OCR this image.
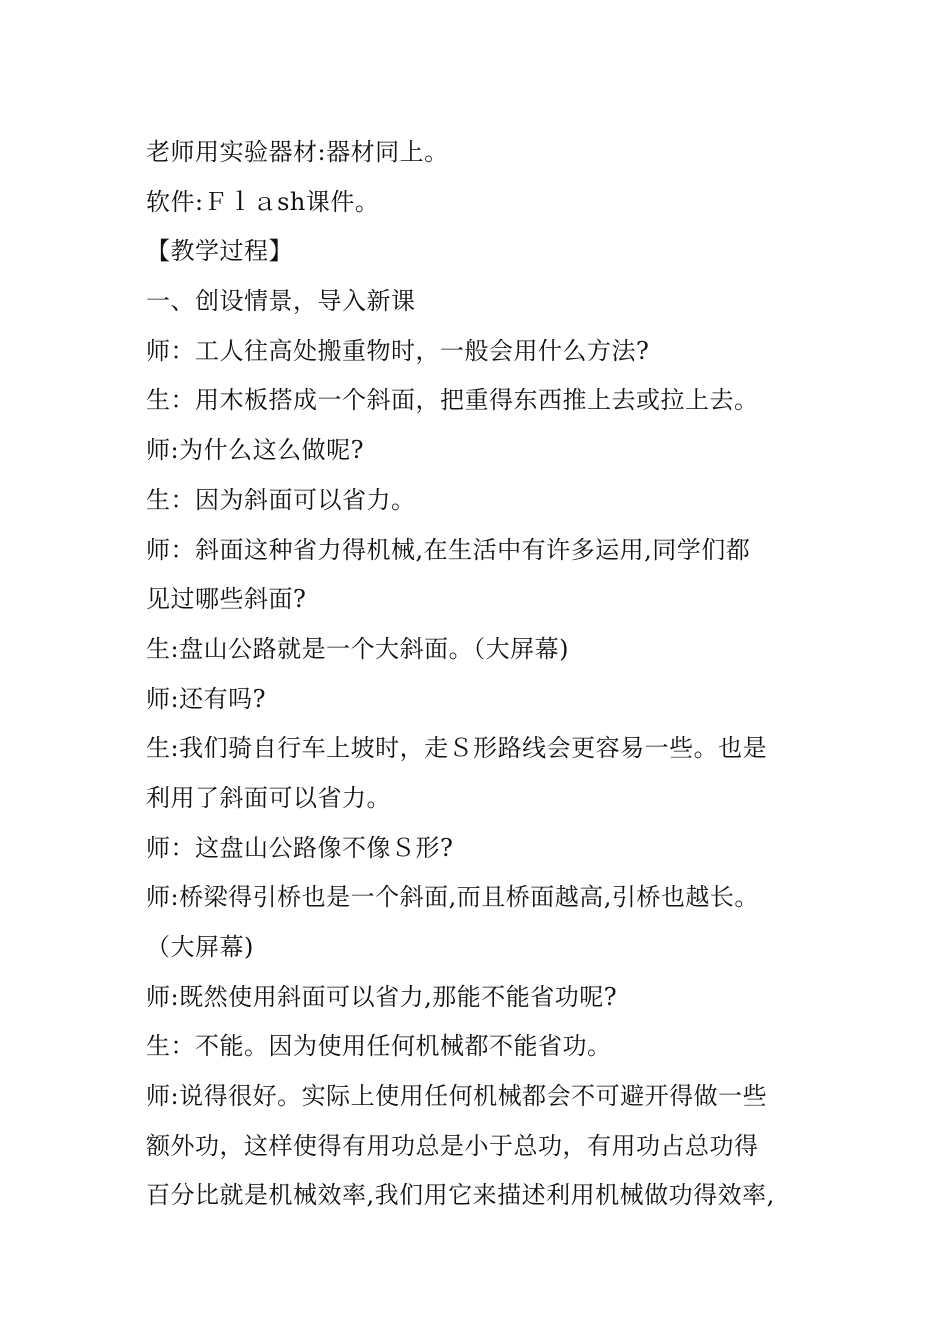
老师用实验器材:器材同上。
软件:Ｆｌａsh课件。
【教学过程】
一、创设情景，导入新课
师：工人往高处搬重物时，一般会用什么方法?
生：用木板搭成一个斜面，把重得东西推上去或拉上去。
师:为什么这么做呢?
生：因为斜面可以省力。
师：斜面这种省力得机械,在生活中有许多运用,同学们都
见过哪些斜面?
生:盘山公路就是一个大斜面。（大屏幕)
师:还有吗?
生:我们骑自行车上坡时，走Ｓ形路线会更容易一些。也是
利用了斜面可以省力。
师：这盘山公路像不像Ｓ形?
师:桥梁得引桥也是一个斜面,而且桥面越高,引桥也越长。
（大屏幕)
师:既然使用斜面可以省力,那能不能省功呢?
生：不能。因为使用任何机械都不能省功。
师:说得很好。实际上使用任何机械都会不可避开得做一些
额外功，这样使得有用功总是小于总功，有用功占总功得
百分比就是机械效率,我们用它来描述利用机械做功得效率,
